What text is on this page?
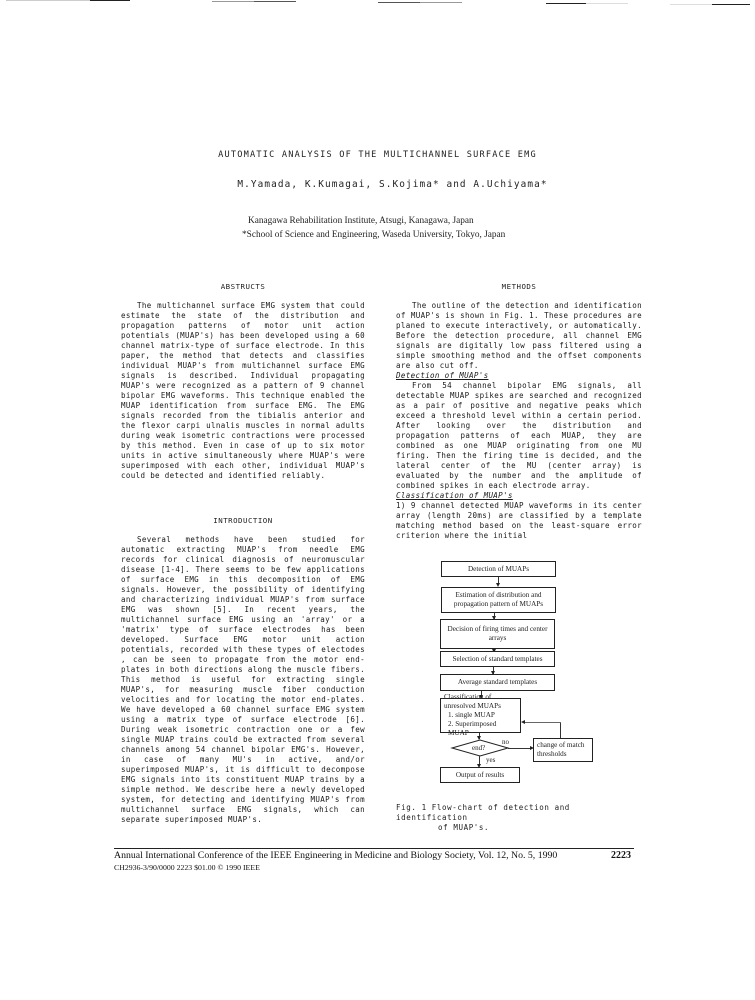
AUTOMATIC ANALYSIS OF THE MULTICHANNEL SURFACE EMG
M.Yamada, K.Kumagai, S.Kojima* and A.Uchiyama*
Kanagawa Rehabilitation Institute, Atsugi, Kanagawa, Japan
*School of Science and Engineering, Waseda University, Tokyo, Japan
ABSTRUCTS

The multichannel surface EMG system that could estimate the state of the distribution and propagation patterns of motor unit action potentials (MUAP's) has been developed using a 60 channel matrix-type of surface electrode. In this paper, the method that detects and classifies individual MUAP's from multichannel surface EMG signals is described. Individual propagating MUAP's were recognized as a pattern of 9 channel bipolar EMG waveforms. This technique enabled the MUAP identification from surface EMG. The EMG signals recorded from the tibialis anterior and the flexor carpi ulnalis muscles in normal adults during weak isometric contractions were processed by this method. Even in case of up to six motor units in active simultaneously where MUAP's were superimposed with each other, individual MUAP's could be detected and identified reliably.

INTRODUCTION

Several methods have been studied for automatic extracting MUAP's from needle EMG records for clinical diagnosis of neuromuscular disease [1-4]. There seems to be few applications of surface EMG in this decomposition of EMG signals. However, the possibility of identifying and characterizing individual MUAP's from surface EMG was shown [5]. In recent years, the multichannel surface EMG using an 'array' or a 'matrix' type of surface electrodes has been developed. Surface EMG motor unit action potentials, recorded with these types of electodes , can be seen to propagate from the motor end-plates in both directions along the muscle fibers. This method is useful for extracting single MUAP's, for measuring muscle fiber conduction velocities and for locating the motor end-plates. We have developed a 60 channel surface EMG system using a matrix type of surface electrode [6]. During weak isometric contraction one or a few single MUAP trains could be extracted from several channels among 54 channel bipolar EMG's. However, in case of many MU's in active, and/or superimposed MUAP's, it is difficult to decompose EMG signals into its constituent MUAP trains by a simple method. We describe here a newly developed system, for detecting and identifying MUAP's from multichannel surface EMG signals, which can separate superimposed MUAP's.

METHODS

The outline of the detection and identification of MUAP's is shown in Fig. 1. These procedures are planed to execute interactively, or automatically. Before the detection procedure, all channel EMG signals are digitally low pass filtered using a simple smoothing method and the offset components are also cut off.

Detection of MUAP's

From 54 channel bipolar EMG signals, all detectable MUAP spikes are searched and recognized as a pair of positive and negative peaks which exceed a threshold level within a certain period. After looking over the distribution and propagation patterns of each MUAP, they are combined as one MUAP originating from one MU firing. Then the firing time is decided, and the lateral center of the MU (center array) is evaluated by the number and the amplitude of combined spikes in each electrode array.

Classification of MUAP's

1) 9 channel detected MUAP waveforms in its center array (length 20ms) are classified by a template matching method based on the least-square error criterion where the initial

Detection of MUAPs
Estimation of distribution and propagation pattern of MUAPs
Decision of firing times and center arrays
Selection of standard templates
Average standard templates
Classification of unresolved MUAPs
1. single MUAP
2. Superimposed MUAP
end?
no	change of match thresholds
yes
Output of results
Fig. 1 Flow-chart of detection and identification
of MUAP's.
Annual International Conference of the IEEE Engineering in Medicine and Biology Society, Vol. 12, No. 5, 1990	2223
CH2936-3/90/0000 2223 $01.00 © 1990 IEEE
